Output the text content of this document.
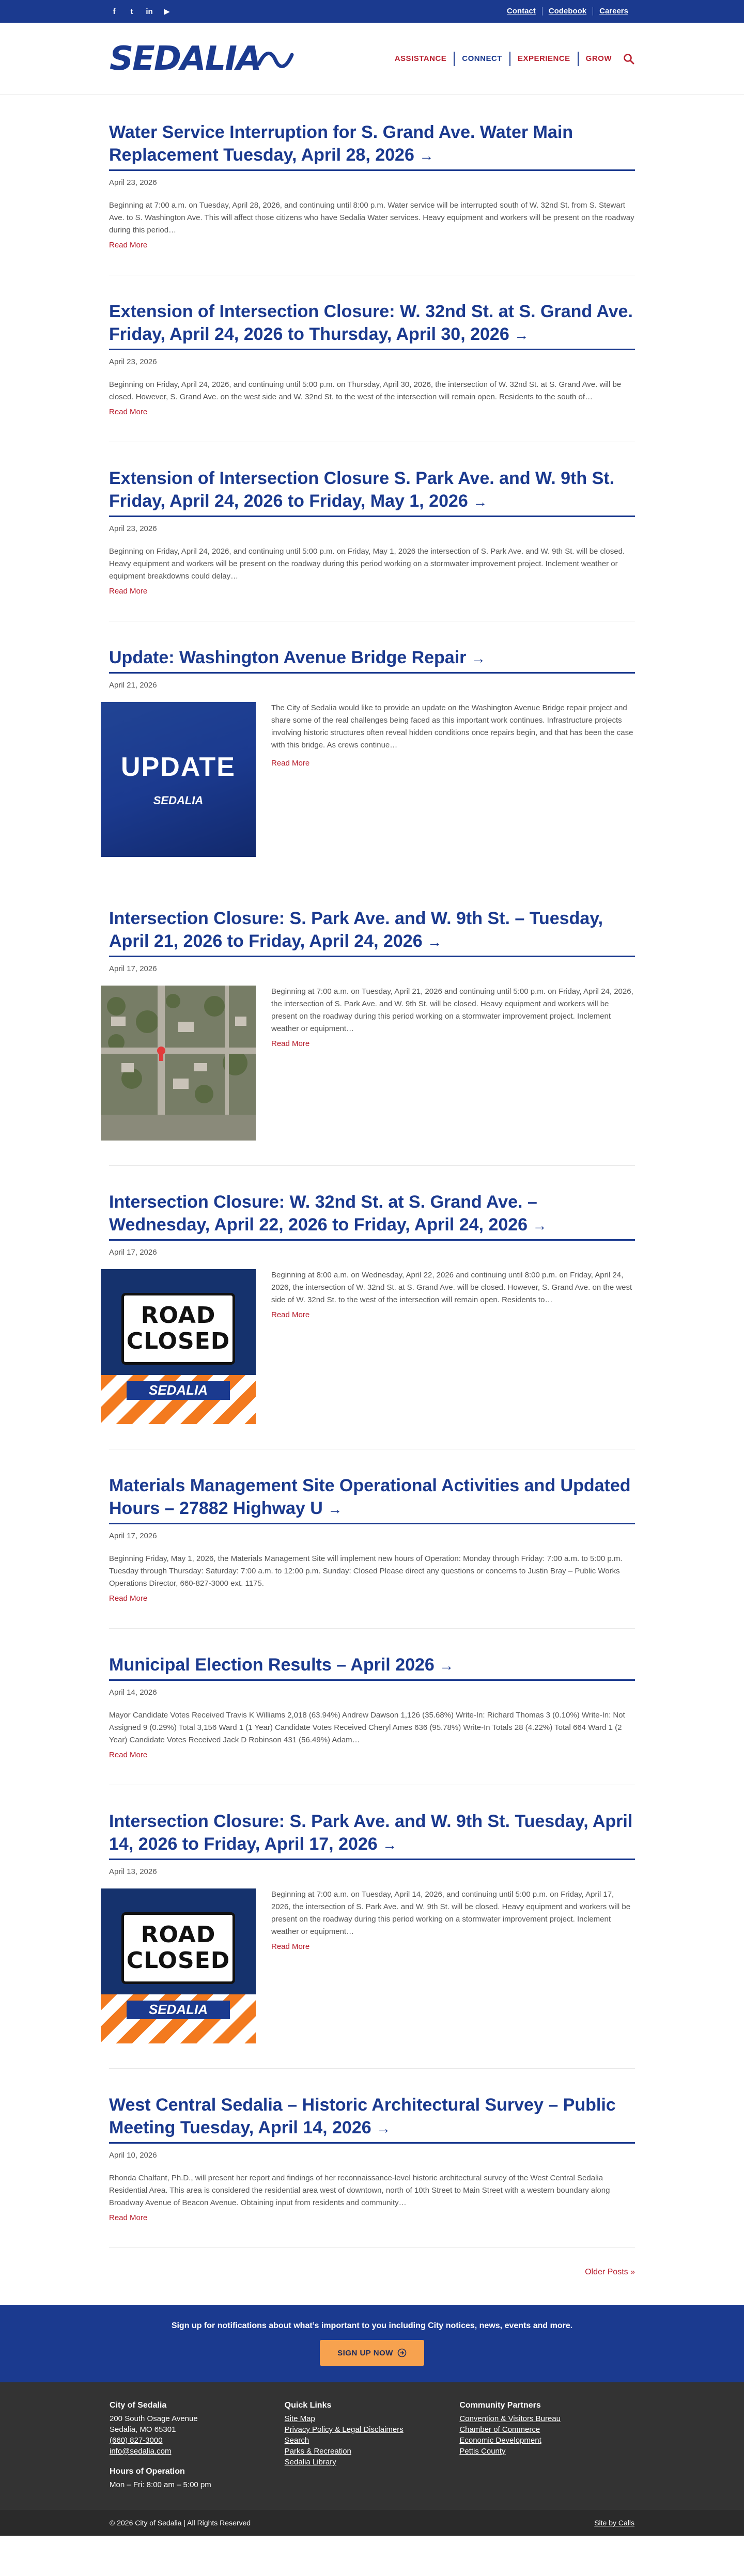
f	t	in ▶	Contact	Codebook	Careers
SEDALIA	ASSISTANCE	CONNECT	EXPERIENCE	GROW
Water Service Interruption for S. Grand Ave. Water Main Replacement Tuesday, April 28, 2026 →
April 23, 2026
Beginning at 7:00 a.m. on Tuesday, April 28, 2026, and continuing until 8:00 p.m. Water service will be interrupted south of W. 32nd St. from S. Stewart Ave. to S. Washington Ave. This will affect those citizens who have Sedalia Water services. Heavy equipment and workers will be present on the roadway during this period…
Read More
Extension of Intersection Closure: W. 32nd St. at S. Grand Ave. Friday, April 24, 2026 to Thursday, April 30, 2026 →
April 23, 2026
Beginning on Friday, April 24, 2026, and continuing until 5:00 p.m. on Thursday, April 30, 2026, the intersection of W. 32nd St. at S. Grand Ave. will be closed. However, S. Grand Ave. on the west side and W. 32nd St. to the west of the intersection will remain open. Residents to the south of…
Read More
Extension of Intersection Closure S. Park Ave. and W. 9th St. Friday, April 24, 2026 to Friday, May 1, 2026 →
April 23, 2026
Beginning on Friday, April 24, 2026, and continuing until 5:00 p.m. on Friday, May 1, 2026 the intersection of S. Park Ave. and W. 9th St. will be closed. Heavy equipment and workers will be present on the roadway during this period working on a stormwater improvement project. Inclement weather or equipment breakdowns could delay…
Read More
Update: Washington Avenue Bridge Repair →
April 21, 2026
UPDATE
SEDALIA
The City of Sedalia would like to provide an update on the Washington Avenue Bridge repair project and share some of the real challenges being faced as this important work continues. Infrastructure projects involving historic structures often reveal hidden conditions once repairs begin, and that has been the case with this bridge. As crews continue…
Read More
Intersection Closure: S. Park Ave. and W. 9th St. – Tuesday, April 21, 2026 to Friday, April 24, 2026 →
April 17, 2026
Beginning at 7:00 a.m. on Tuesday, April 21, 2026 and continuing until 5:00 p.m. on Friday, April 24, 2026, the intersection of S. Park Ave. and W. 9th St. will be closed. Heavy equipment and workers will be present on the roadway during this period working on a stormwater improvement project. Inclement weather or equipment…
Read More
Intersection Closure: W. 32nd St. at S. Grand Ave. – Wednesday, April 22, 2026 to Friday, April 24, 2026 →
April 17, 2026
ROAD
CLOSED
SEDALIA
Beginning at 8:00 a.m. on Wednesday, April 22, 2026 and continuing until 8:00 p.m. on Friday, April 24, 2026, the intersection of W. 32nd St. at S. Grand Ave. will be closed. However, S. Grand Ave. on the west side of W. 32nd St. to the west of the intersection will remain open. Residents to…
Read More
Materials Management Site Operational Activities and Updated Hours – 27882 Highway U →
April 17, 2026
Beginning Friday, May 1, 2026, the Materials Management Site will implement new hours of Operation: Monday through Friday: 7:00 a.m. to 5:00 p.m. Tuesday through Thursday: Saturday: 7:00 a.m. to 12:00 p.m. Sunday: Closed Please direct any questions or concerns to Justin Bray – Public Works Operations Director, 660-827-3000 ext. 1175.
Read More
Municipal Election Results – April 2026 →
April 14, 2026
Mayor Candidate Votes Received Travis K Williams 2,018 (63.94%) Andrew Dawson 1,126 (35.68%) Write-In: Richard Thomas 3 (0.10%) Write-In: Not Assigned 9 (0.29%) Total 3,156 Ward 1 (1 Year) Candidate Votes Received Cheryl Ames 636 (95.78%) Write-In Totals 28 (4.22%) Total 664 Ward 1 (2 Year) Candidate Votes Received Jack D Robinson 431 (56.49%) Adam…
Read More
Intersection Closure: S. Park Ave. and W. 9th St. Tuesday, April 14, 2026 to Friday, April 17, 2026 →
April 13, 2026
ROAD
CLOSED
SEDALIA
Beginning at 7:00 a.m. on Tuesday, April 14, 2026, and continuing until 5:00 p.m. on Friday, April 17, 2026, the intersection of S. Park Ave. and W. 9th St. will be closed. Heavy equipment and workers will be present on the roadway during this period working on a stormwater improvement project. Inclement weather or equipment…
Read More
West Central Sedalia – Historic Architectural Survey – Public Meeting Tuesday, April 14, 2026 →
April 10, 2026
Rhonda Chalfant, Ph.D., will present her report and findings of her reconnaissance-level historic architectural survey of the West Central Sedalia Residential Area. This area is considered the residential area west of downtown, north of 10th Street to Main Street with a western boundary along Broadway Avenue of Beacon Avenue. Obtaining input from residents and community…
Read More
Older Posts »

Sign up for notifications about what’s important to you including City notices, news, events and more.

SIGN UP NOW
City of Sedalia
200 South Osage Avenue
Sedalia, MO 65301
(660) 827-3000
info@sedalia.com
Hours of Operation
Mon – Fri: 8:00 am – 5:00 pm
Quick Links
Site Map
Privacy Policy & Legal Disclaimers
Search
Parks & Recreation
Sedalia Library
Community Partners
Convention & Visitors Bureau
Chamber of Commerce
Economic Development
Pettis County
© 2026 City of Sedalia | All Rights Reserved	Site by Calls
